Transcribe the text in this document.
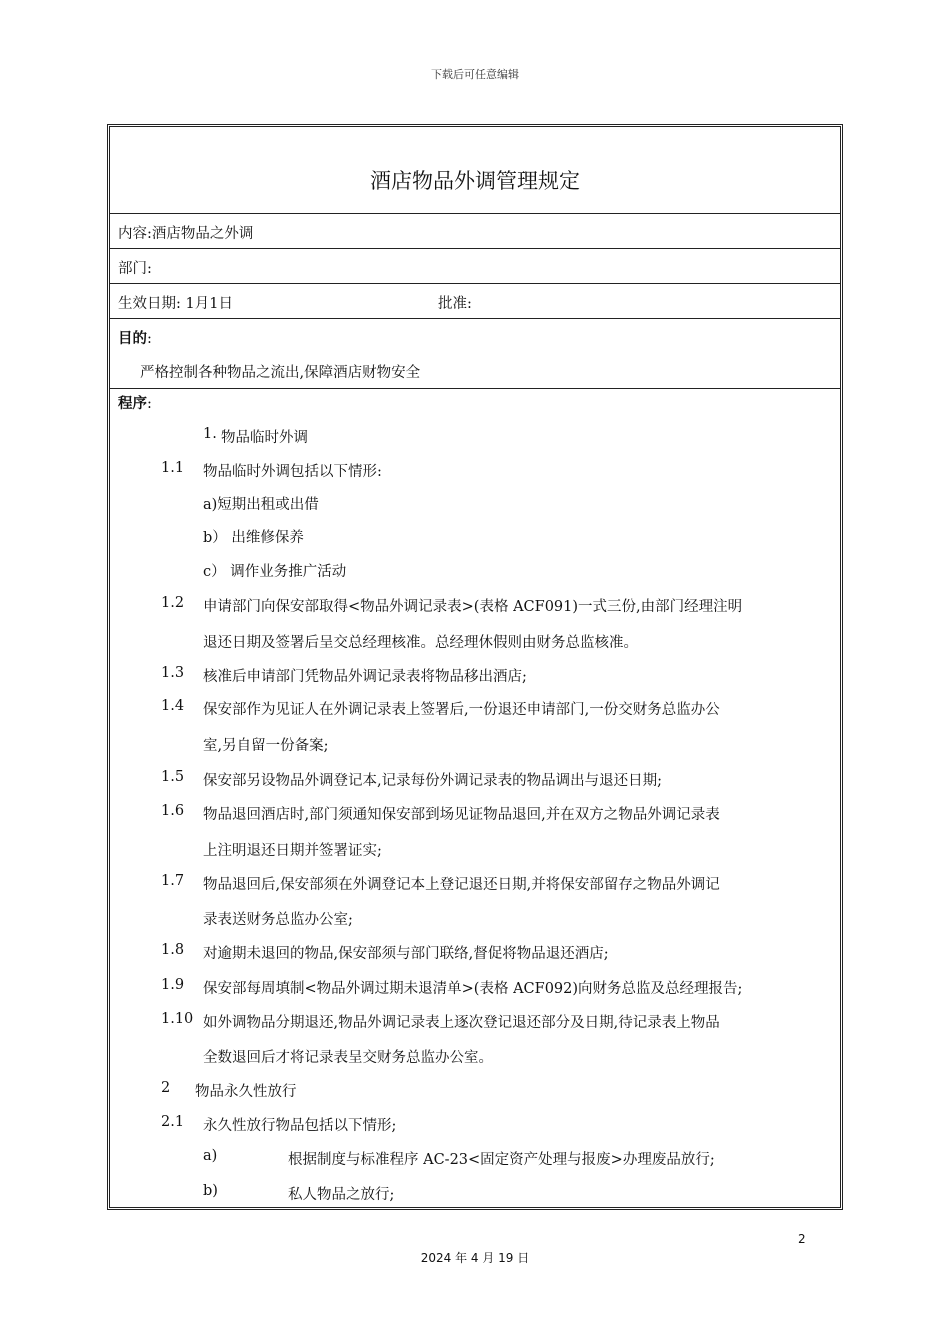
下载后可任意编辑
酒店物品外调管理规定
内容:酒店物品之外调
部门:
生效日期: 1月1日	批准:
目的:
严格控制各种物品之流出,保障酒店财物安全
程序:
1. 物品临时外调
1.1 物品临时外调包括以下情形:
a)短期出租或出借
b） 出维修保养
c） 调作业务推广活动
1.2 申请部门向保安部取得<物品外调记录表>(表格 ACF091)一式三份,由部门经理注明
退还日期及签署后呈交总经理核准。总经理休假则由财务总监核准。
1.3 核准后申请部门凭物品外调记录表将物品移出酒店;
1.4 保安部作为见证人在外调记录表上签署后,一份退还申请部门,一份交财务总监办公
室,另自留一份备案;
1.5 保安部另设物品外调登记本,记录每份外调记录表的物品调出与退还日期;
1.6 物品退回酒店时,部门须通知保安部到场见证物品退回,并在双方之物品外调记录表
上注明退还日期并签署证实;
1.7 物品退回后,保安部须在外调登记本上登记退还日期,并将保安部留存之物品外调记
录表送财务总监办公室;
1.8 对逾期未退回的物品,保安部须与部门联络,督促将物品退还酒店;
1.9 保安部每周填制<物品外调过期未退清单>(表格 ACF092)向财务总监及总经理报告;
1.10 如外调物品分期退还,物品外调记录表上逐次登记退还部分及日期,待记录表上物品
全数退回后才将记录表呈交财务总监办公室。
2 物品永久性放行
2.1 永久性放行物品包括以下情形;
a)	根据制度与标准程序 AC-23<固定资产处理与报废>办理废品放行;
b)	私人物品之放行;
2
2024 年 4 月 19 日
